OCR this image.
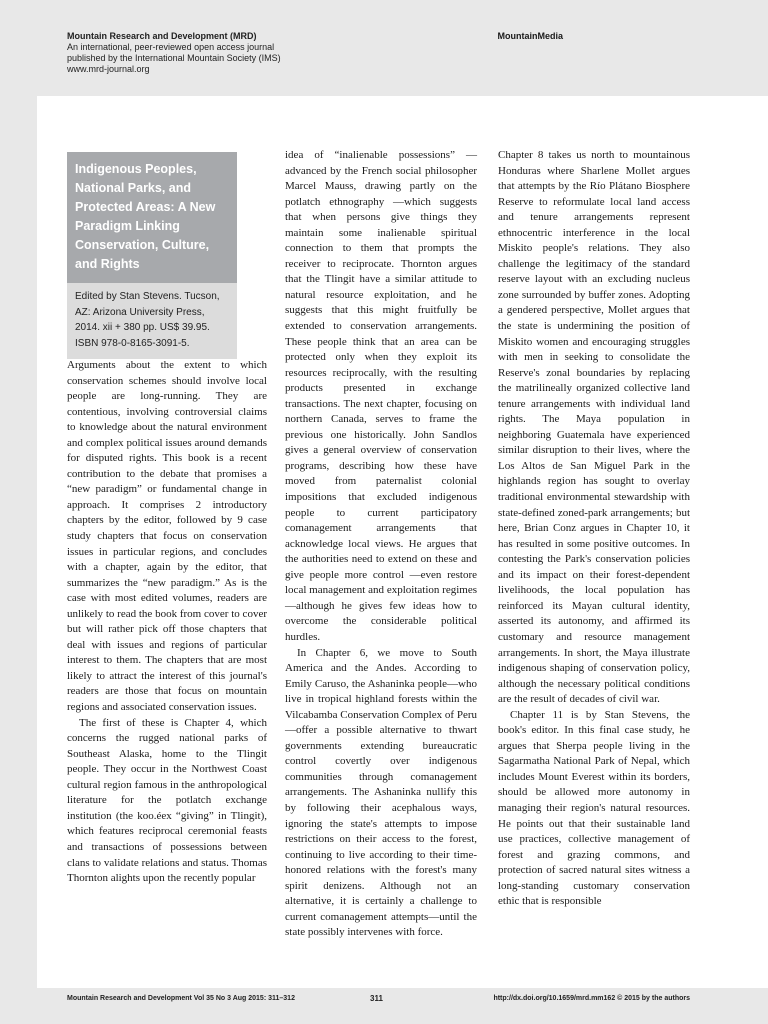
Mountain Research and Development (MRD)
An international, peer-reviewed open access journal
published by the International Mountain Society (IMS)
www.mrd-journal.org
MountainMedia
Indigenous Peoples, National Parks, and Protected Areas: A New Paradigm Linking Conservation, Culture, and Rights
Edited by Stan Stevens. Tucson, AZ: Arizona University Press, 2014. xii + 380 pp. US$ 39.95. ISBN 978-0-8165-3091-5.

Arguments about the extent to which conservation schemes should involve local people are long-running. They are contentious, involving controversial claims to knowledge about the natural environment and complex political issues around demands for disputed rights. This book is a recent contribution to the debate that promises a “new paradigm” or fundamental change in approach. It comprises 2 introductory chapters by the editor, followed by 9 case study chapters that focus on conservation issues in particular regions, and concludes with a chapter, again by the editor, that summarizes the “new paradigm.” As is the case with most edited volumes, readers are unlikely to read the book from cover to cover but will rather pick off those chapters that deal with issues and regions of particular interest to them. The chapters that are most likely to attract the interest of this journal's readers are those that focus on mountain regions and associated conservation issues.

The first of these is Chapter 4, which concerns the rugged national parks of Southeast Alaska, home to the Tlingit people. They occur in the Northwest Coast cultural region famous in the anthropological literature for the potlatch exchange institution (the koo.éex “giving” in Tlingit), which features reciprocal ceremonial feasts and transactions of possessions between clans to validate relations and status. Thomas Thornton alights upon the recently popular

idea of “inalienable possessions” —advanced by the French social philosopher Marcel Mauss, drawing partly on the potlatch ethnography —which suggests that when persons give things they maintain some inalienable spiritual connection to them that prompts the receiver to reciprocate. Thornton argues that the Tlingit have a similar attitude to natural resource exploitation, and he suggests that this might fruitfully be extended to conservation arrangements. These people think that an area can be protected only when they exploit its resources reciprocally, with the resulting products presented in exchange transactions. The next chapter, focusing on northern Canada, serves to frame the previous one historically. John Sandlos gives a general overview of conservation programs, describing how these have moved from paternalist colonial impositions that excluded indigenous people to current participatory comanagement arrangements that acknowledge local views. He argues that the authorities need to extend on these and give people more control —even restore local management and exploitation regimes—although he gives few ideas how to overcome the considerable political hurdles.

In Chapter 6, we move to South America and the Andes. According to Emily Caruso, the Ashaninka people—who live in tropical highland forests within the Vilcabamba Conservation Complex of Peru—offer a possible alternative to thwart governments extending bureaucratic control covertly over indigenous communities through comanagement arrangements. The Ashaninka nullify this by following their acephalous ways, ignoring the state's attempts to impose restrictions on their access to the forest, continuing to live according to their time-honored relations with the forest's many spirit denizens. Although not an alternative, it is certainly a challenge to current comanagement attempts—until the state possibly intervenes with force.

Chapter 8 takes us north to mountainous Honduras where Sharlene Mollet argues that attempts by the Río Plátano Biosphere Reserve to reformulate local land access and tenure arrangements represent ethnocentric interference in the local Miskito people's relations. They also challenge the legitimacy of the standard reserve layout with an excluding nucleus zone surrounded by buffer zones. Adopting a gendered perspective, Mollet argues that the state is undermining the position of Miskito women and encouraging struggles with men in seeking to consolidate the Reserve's zonal boundaries by replacing the matrilineally organized collective land tenure arrangements with individual land rights. The Maya population in neighboring Guatemala have experienced similar disruption to their lives, where the Los Altos de San Miguel Park in the highlands region has sought to overlay traditional environmental stewardship with state-defined zoned-park arrangements; but here, Brian Conz argues in Chapter 10, it has resulted in some positive outcomes. In contesting the Park's conservation policies and its impact on their forest-dependent livelihoods, the local population has reinforced its Mayan cultural identity, asserted its autonomy, and affirmed its customary and resource management arrangements. In short, the Maya illustrate indigenous shaping of conservation policy, although the necessary political conditions are the result of decades of civil war.

Chapter 11 is by Stan Stevens, the book's editor. In this final case study, he argues that Sherpa people living in the Sagarmatha National Park of Nepal, which includes Mount Everest within its borders, should be allowed more autonomy in managing their region's natural resources. He points out that their sustainable land use practices, collective management of forest and grazing commons, and protection of sacred natural sites witness a long-standing customary conservation ethic that is responsible

Mountain Research and Development Vol 35 No 3 Aug 2015: 311–312	311	http://dx.doi.org/10.1659/mrd.mm162 © 2015 by the authors
